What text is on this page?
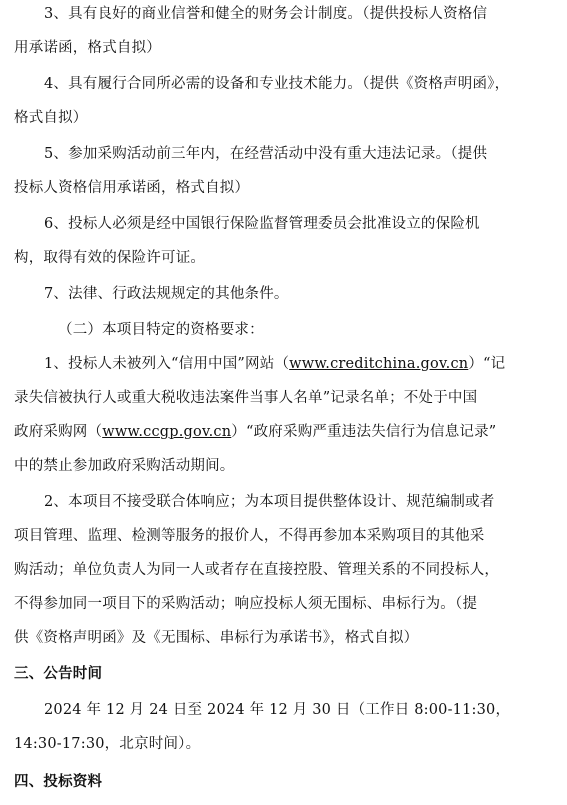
3、具有良好的商业信誉和健全的财务会计制度。（提供投标人资格信
用承诺函，格式自拟）
4、具有履行合同所必需的设备和专业技术能力。（提供《资格声明函》，
格式自拟）
5、参加采购活动前三年内，在经营活动中没有重大违法记录。（提供
投标人资格信用承诺函，格式自拟）
6、投标人必须是经中国银行保险监督管理委员会批准设立的保险机
构，取得有效的保险许可证。
7、法律、行政法规规定的其他条件。
（二）本项目特定的资格要求：
1、投标人未被列入“信用中国”网站（www.creditchina.gov.cn）“记
录失信被执行人或重大税收违法案件当事人名单”记录名单；不处于中国
政府采购网（www.ccgp.gov.cn）“政府采购严重违法失信行为信息记录”
中的禁止参加政府采购活动期间。
2、本项目不接受联合体响应；为本项目提供整体设计、规范编制或者
项目管理、监理、检测等服务的报价人，不得再参加本采购项目的其他采
购活动；单位负责人为同一人或者存在直接控股、管理关系的不同投标人，
不得参加同一项目下的采购活动；响应投标人须无围标、串标行为。（提
供《资格声明函》及《无围标、串标行为承诺书》，格式自拟）
三、公告时间
2024 年 12 月 24 日至 2024 年 12 月 30 日（工作日 8:00-11:30，
14:30-17:30，北京时间）。
四、投标资料
